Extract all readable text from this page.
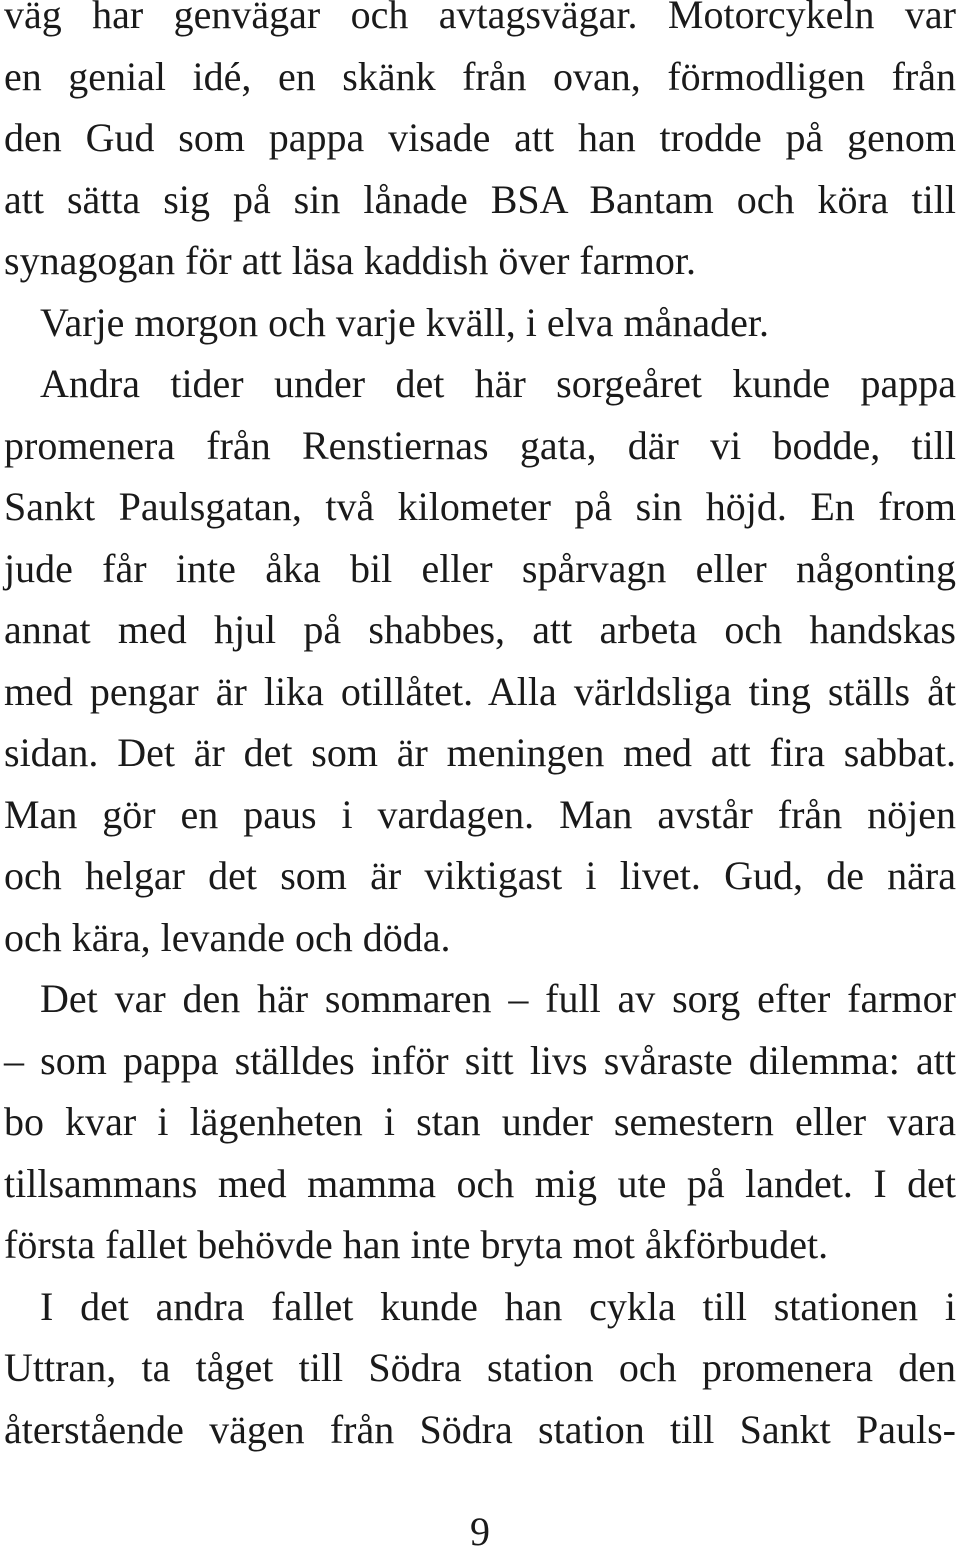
väg har genvägar och avtagsvägar. Motorcykeln var
en genial idé, en skänk från ovan, förmodligen från
den Gud som pappa visade att han trodde på genom
att sätta sig på sin lånade BSA Bantam och köra till
synagogan för att läsa kaddish över farmor.
Varje morgon och varje kväll, i elva månader.
Andra tider under det här sorgeåret kunde pappa
promenera från Renstiernas gata, där vi bodde, till
Sankt Paulsgatan, två kilometer på sin höjd. En from
jude får inte åka bil eller spårvagn eller någonting
annat med hjul på shabbes, att arbeta och handskas
med pengar är lika otillåtet. Alla världsliga ting ställs åt
sidan. Det är det som är meningen med att fira sabbat.
Man gör en paus i vardagen. Man avstår från nöjen
och helgar det som är viktigast i livet. Gud, de nära
och kära, levande och döda.
Det var den här sommaren – full av sorg efter farmor
– som pappa ställdes inför sitt livs svåraste dilemma: att
bo kvar i lägenheten i stan under semestern eller vara
tillsammans med mamma och mig ute på landet. I det
första fallet behövde han inte bryta mot åkförbudet.
I det andra fallet kunde han cykla till stationen i
Uttran, ta tåget till Södra station och promenera den
återstående vägen från Södra station till Sankt Pauls-
9
